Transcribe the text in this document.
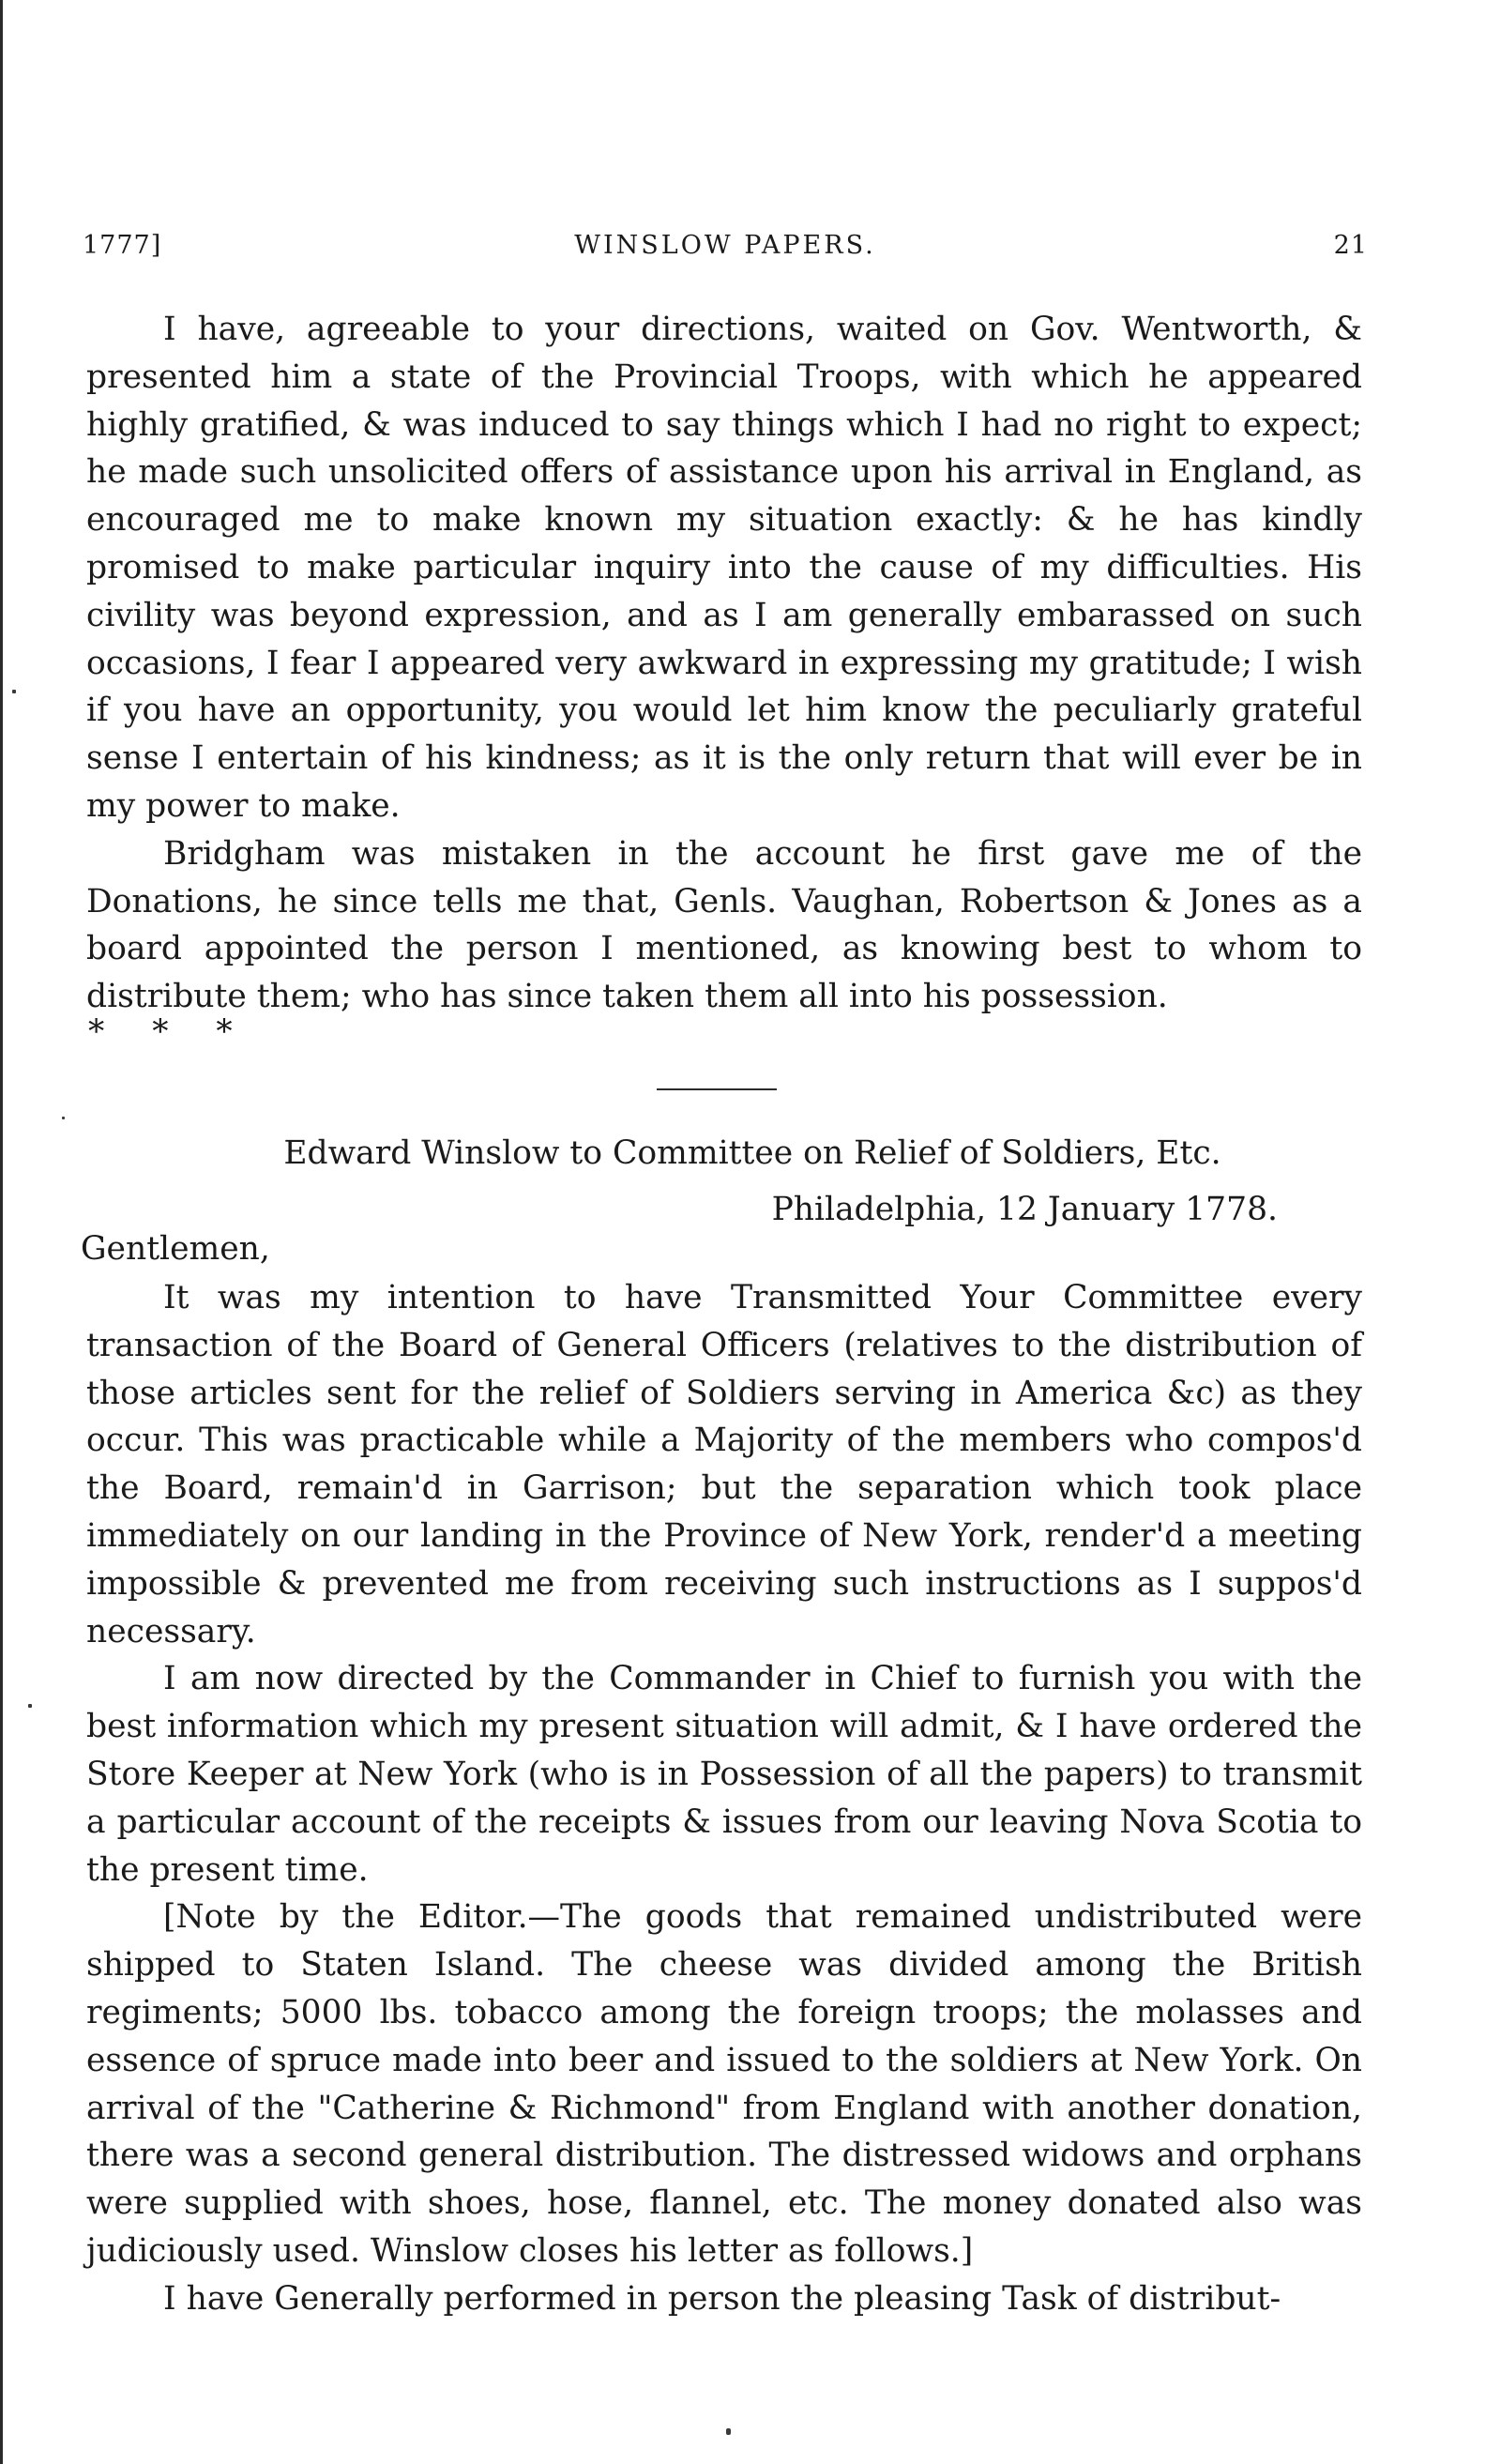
1777]	WINSLOW PAPERS.	21

I have, agreeable to your directions, waited on Gov. Wentworth, & presented him a state of the Provincial Troops, with which he appeared highly gratified, & was induced to say things which I had no right to expect; he made such unsolicited offers of assistance upon his arrival in England, as encouraged me to make known my situation exactly: & he has kindly promised to make particular inquiry into the cause of my difficulties. His civility was beyond expression, and as I am generally embarassed on such occasions, I fear I appeared very awkward in expressing my gratitude; I wish if you have an opportunity, you would let him know the peculiarly grateful sense I entertain of his kindness; as it is the only return that will ever be in my power to make.

Bridgham was mistaken in the account he first gave me of the Donations, he since tells me that, Genls. Vaughan, Robertson & Jones as a board appointed the person I mentioned, as knowing best to whom to distribute them; who has since taken them all into his possession.

* * *
Edward Winslow to Committee on Relief of Soldiers, Etc.
Philadelphia, 12 January 1778.
Gentlemen,

It was my intention to have Transmitted Your Committee every transaction of the Board of General Officers (relatives to the distribution of those articles sent for the relief of Soldiers serving in America &c) as they occur. This was practicable while a Majority of the members who compos'd the Board, remain'd in Garrison; but the separation which took place immediately on our landing in the Province of New York, render'd a meeting impossible & prevented me from receiving such instructions as I suppos'd necessary.

I am now directed by the Commander in Chief to furnish you with the best information which my present situation will admit, & I have ordered the Store Keeper at New York (who is in Possession of all the papers) to transmit a particular account of the receipts & issues from our leaving Nova Scotia to the present time.

[Note by the Editor.—The goods that remained undistributed were shipped to Staten Island. The cheese was divided among the British regiments; 5000 lbs. tobacco among the foreign troops; the molasses and essence of spruce made into beer and issued to the soldiers at New York. On arrival of the "Catherine & Richmond" from England with another donation, there was a second general distribution. The distressed widows and orphans were supplied with shoes, hose, flannel, etc. The money donated also was judiciously used. Winslow closes his letter as follows.]

I have Generally performed in person the pleasing Task of distribut-
